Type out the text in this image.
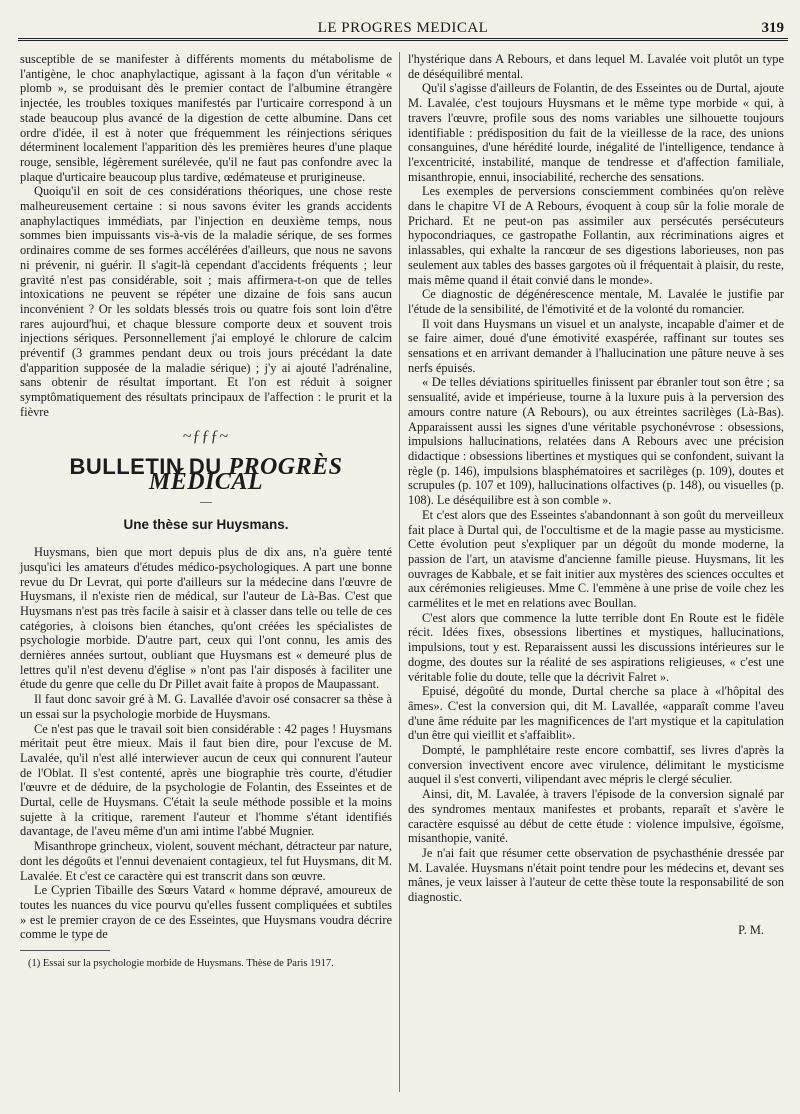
LE PROGRES MEDICAL	319

susceptible de se manifester à différents moments du métabolisme de l'antigène, le choc anaphylactique, agissant à la façon d'un véritable « plomb », se produisant dès le premier contact de l'albumine étrangère injectée, les troubles toxiques manifestés par l'urticaire correspond à un stade beaucoup plus avancé de la digestion de cette albumine. Dans cet ordre d'idée, il est à noter que fréquemment les réinjections sériques déterminent localement l'apparition dès les premières heures d'une plaque rouge, sensible, légèrement surélevée, qu'il ne faut pas confondre avec la plaque d'urticaire beaucoup plus tardive, œdémateuse et prurigineuse.

Quoiqu'il en soit de ces considérations théoriques, une chose reste malheureusement certaine : si nous savons éviter les grands accidents anaphylactiques immédiats, par l'injection en deuxième temps, nous sommes bien impuissants vis-à-vis de la maladie sérique, de ses formes ordinaires comme de ses formes accélérées d'ailleurs, que nous ne savons ni prévenir, ni guérir. Il s'agit-là cependant d'accidents fréquents ; leur gravité n'est pas considérable, soit ; mais affirmera-t-on que de telles intoxications ne peuvent se répéter une dizaine de fois sans aucun inconvénient ? Or les soldats blessés trois ou quatre fois sont loin d'être rares aujourd'hui, et chaque blessure comporte deux et souvent trois injections sériques. Personnellement j'ai employé le chlorure de calcim préventif (3 grammes pendant deux ou trois jours précédant la date d'apparition supposée de la maladie sérique) ; j'y ai ajouté l'adrénaline, sans obtenir de résultat important. Et l'on est réduit à soigner symptômatiquement des résultats principaux de l'affection : le prurit et la fièvre

~ƒƒƒ~
BULLETIN DU PROGRÈS MÉDICAL
—
Une thèse sur Huysmans.

Huysmans, bien que mort depuis plus de dix ans, n'a guère tenté jusqu'ici les amateurs d'études médico-psychologiques. A part une bonne revue du Dr Levrat, qui porte d'ailleurs sur la médecine dans l'œuvre de Huysmans, il n'existe rien de médical, sur l'auteur de Là-Bas. C'est que Huysmans n'est pas très facile à saisir et à classer dans telle ou telle de ces catégories, à cloisons bien étanches, qu'ont créées les spécialistes de psychologie morbide. D'autre part, ceux qui l'ont connu, les amis des dernières années surtout, oubliant que Huysmans est « demeuré plus de lettres qu'il n'est devenu d'église » n'ont pas l'air disposés à faciliter une étude du genre que celle du Dr Pillet avait faite à propos de Maupassant.

Il faut donc savoir gré à M. G. Lavallée d'avoir osé consacrer sa thèse à un essai sur la psychologie morbide de Huysmans.

Ce n'est pas que le travail soit bien considérable : 42 pages ! Huysmans méritait peut être mieux. Mais il faut bien dire, pour l'excuse de M. Lavalée, qu'il n'est allé interwiever aucun de ceux qui connurent l'auteur de l'Oblat. Il s'est contenté, après une biographie très courte, d'étudier l'œuvre et de déduire, de la psychologie de Folantin, des Esseintes et de Durtal, celle de Huysmans. C'était la seule méthode possible et la moins sujette à la critique, rarement l'auteur et l'homme s'étant identifiés davantage, de l'aveu même d'un ami intime l'abbé Mugnier.

Misanthrope grincheux, violent, souvent méchant, détracteur par nature, dont les dégoûts et l'ennui devenaient contagieux, tel fut Huysmans, dit M. Lavalée. Et c'est ce caractère qui est transcrit dans son œuvre.

Le Cyprien Tibaille des Sœurs Vatard « homme dépravé, amoureux de toutes les nuances du vice pourvu qu'elles fussent compliquées et subtiles » est le premier crayon de ce des Esseintes, que Huysmans voudra décrire comme le type de

(1) Essai sur la psychologie morbide de Huysmans. Thèse de Paris 1917.

l'hystérique dans A Rebours, et dans lequel M. Lavalée voit plutôt un type de déséquilibré mental.

Qu'il s'agisse d'ailleurs de Folantin, de des Esseintes ou de Durtal, ajoute M. Lavalée, c'est toujours Huysmans et le même type morbide « qui, à travers l'œuvre, profile sous des noms variables une silhouette toujours identifiable : prédisposition du fait de la vieillesse de la race, des unions consanguines, d'une hérédité lourde, inégalité de l'intelligence, tendance à l'excentricité, instabilité, manque de tendresse et d'affection familiale, misanthropie, ennui, insociabilité, recherche des sensations.

Les exemples de perversions consciemment combinées qu'on relève dans le chapitre VI de A Rebours, évoquent à coup sûr la folie morale de Prichard. Et ne peut-on pas assimiler aux persécutés persécuteurs hypocondriaques, ce gastropathe Follantin, aux récriminations aigres et inlassables, qui exhalte la rancœur de ses digestions laborieuses, non pas seulement aux tables des basses gargotes où il fréquentait à plaisir, du reste, mais même quand il était convié dans le monde».

Ce diagnostic de dégénérescence mentale, M. Lavalée le justifie par l'étude de la sensibilité, de l'émotivité et de la volonté du romancier.

Il voit dans Huysmans un visuel et un analyste, incapable d'aimer et de se faire aimer, doué d'une émotivité exaspérée, raffinant sur toutes ses sensations et en arrivant demander à l'hallucination une pâture neuve à ses nerfs épuisés.

« De telles déviations spirituelles finissent par ébranler tout son être ; sa sensualité, avide et impérieuse, tourne à la luxure puis à la perversion des amours contre nature (A Rebours), ou aux étreintes sacrilèges (Là-Bas). Apparaissent aussi les signes d'une véritable psychonévrose : obsessions, impulsions hallucinations, relatées dans A Rebours avec une précision didactique : obsessions libertines et mystiques qui se confondent, suivant la règle (p. 146), impulsions blasphématoires et sacrilèges (p. 109), doutes et scrupules (p. 107 et 109), hallucinations olfactives (p. 148), ou visuelles (p. 108). Le déséquilibre est à son comble ».

Et c'est alors que des Esseintes s'abandonnant à son goût du merveilleux fait place à Durtal qui, de l'occultisme et de la magie passe au mysticisme. Cette évolution peut s'expliquer par un dégoût du monde moderne, la passion de l'art, un atavisme d'ancienne famille pieuse. Huysmans, lit les ouvrages de Kabbale, et se fait initier aux mystères des sciences occultes et aux cérémonies religieuses. Mme C. l'emmène à une prise de voile chez les carmélites et le met en relations avec Boullan.

C'est alors que commence la lutte terrible dont En Route est le fidèle récit. Idées fixes, obsessions libertines et mystiques, hallucinations, impulsions, tout y est. Reparaissent aussi les discussions intérieures sur le dogme, des doutes sur la réalité de ses aspirations religieuses, « c'est une véritable folie du doute, telle que la décrivit Falret ».

Epuisé, dégoûté du monde, Durtal cherche sa place à «l'hôpital des âmes». C'est la conversion qui, dit M. Lavallée, «apparaît comme l'aveu d'une âme réduite par les magnificences de l'art mystique et la capitulation d'un être qui vieillit et s'affaiblit».

Dompté, le pamphlétaire reste encore combattif, ses livres d'après la conversion invectivent encore avec virulence, délimitant le mysticisme auquel il s'est converti, vilipendant avec mépris le clergé séculier.

Ainsi, dit, M. Lavalée, à travers l'épisode de la conversion signalé par des syndromes mentaux manifestes et probants, reparaît et s'avère le caractère esquissé au début de cette étude : violence impulsive, égoïsme, misanthopie, vanité.

Je n'ai fait que résumer cette observation de psychasthénie dressée par M. Lavalée. Huysmans n'était point tendre pour les médecins et, devant ses mânes, je veux laisser à l'auteur de cette thèse toute la responsabilité de son diagnostic.

P. M.
